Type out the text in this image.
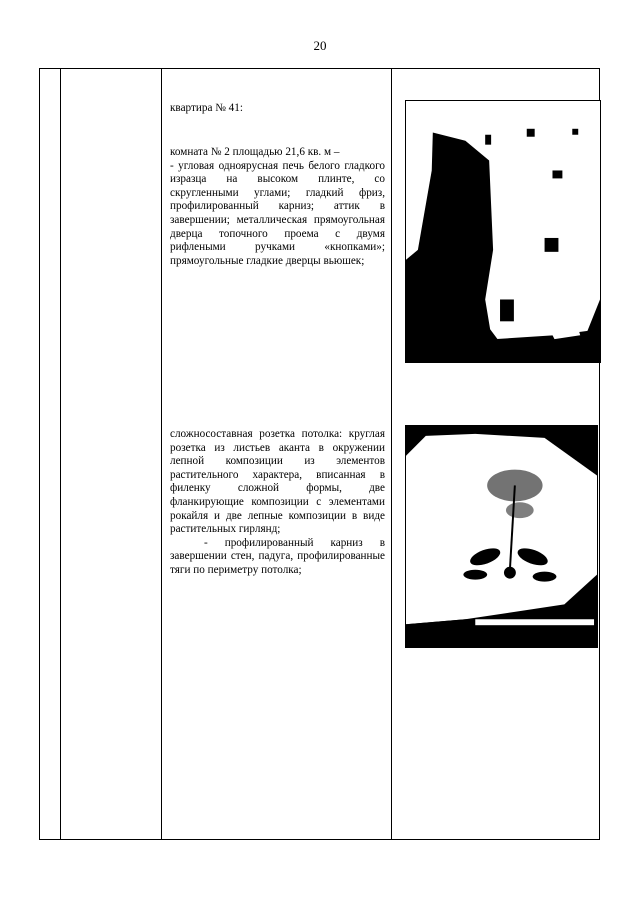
20

квартира № 41:

комната № 2 площадью 21,6 кв. м –

- угловая одноярусная печь белого гладкого изразца на высоком плинте, со скругленными углами; гладкий фриз, профилированный карниз; аттик в завершении; металлическая прямоугольная дверца топочного проема с двумя рифлеными ручками «кнопками»; прямоугольные гладкие дверцы вьюшек;

сложносоставная розетка потолка: круглая розетка из листьев аканта в окружении лепной композиции из элементов растительного характера, вписанная в филенку сложной формы, две фланкирующие композиции с элементами рокайля и две лепные композиции в виде растительных гирлянд;

- профилированный карниз в завершении стен, падуга, профилированные тяги по периметру потолка;
